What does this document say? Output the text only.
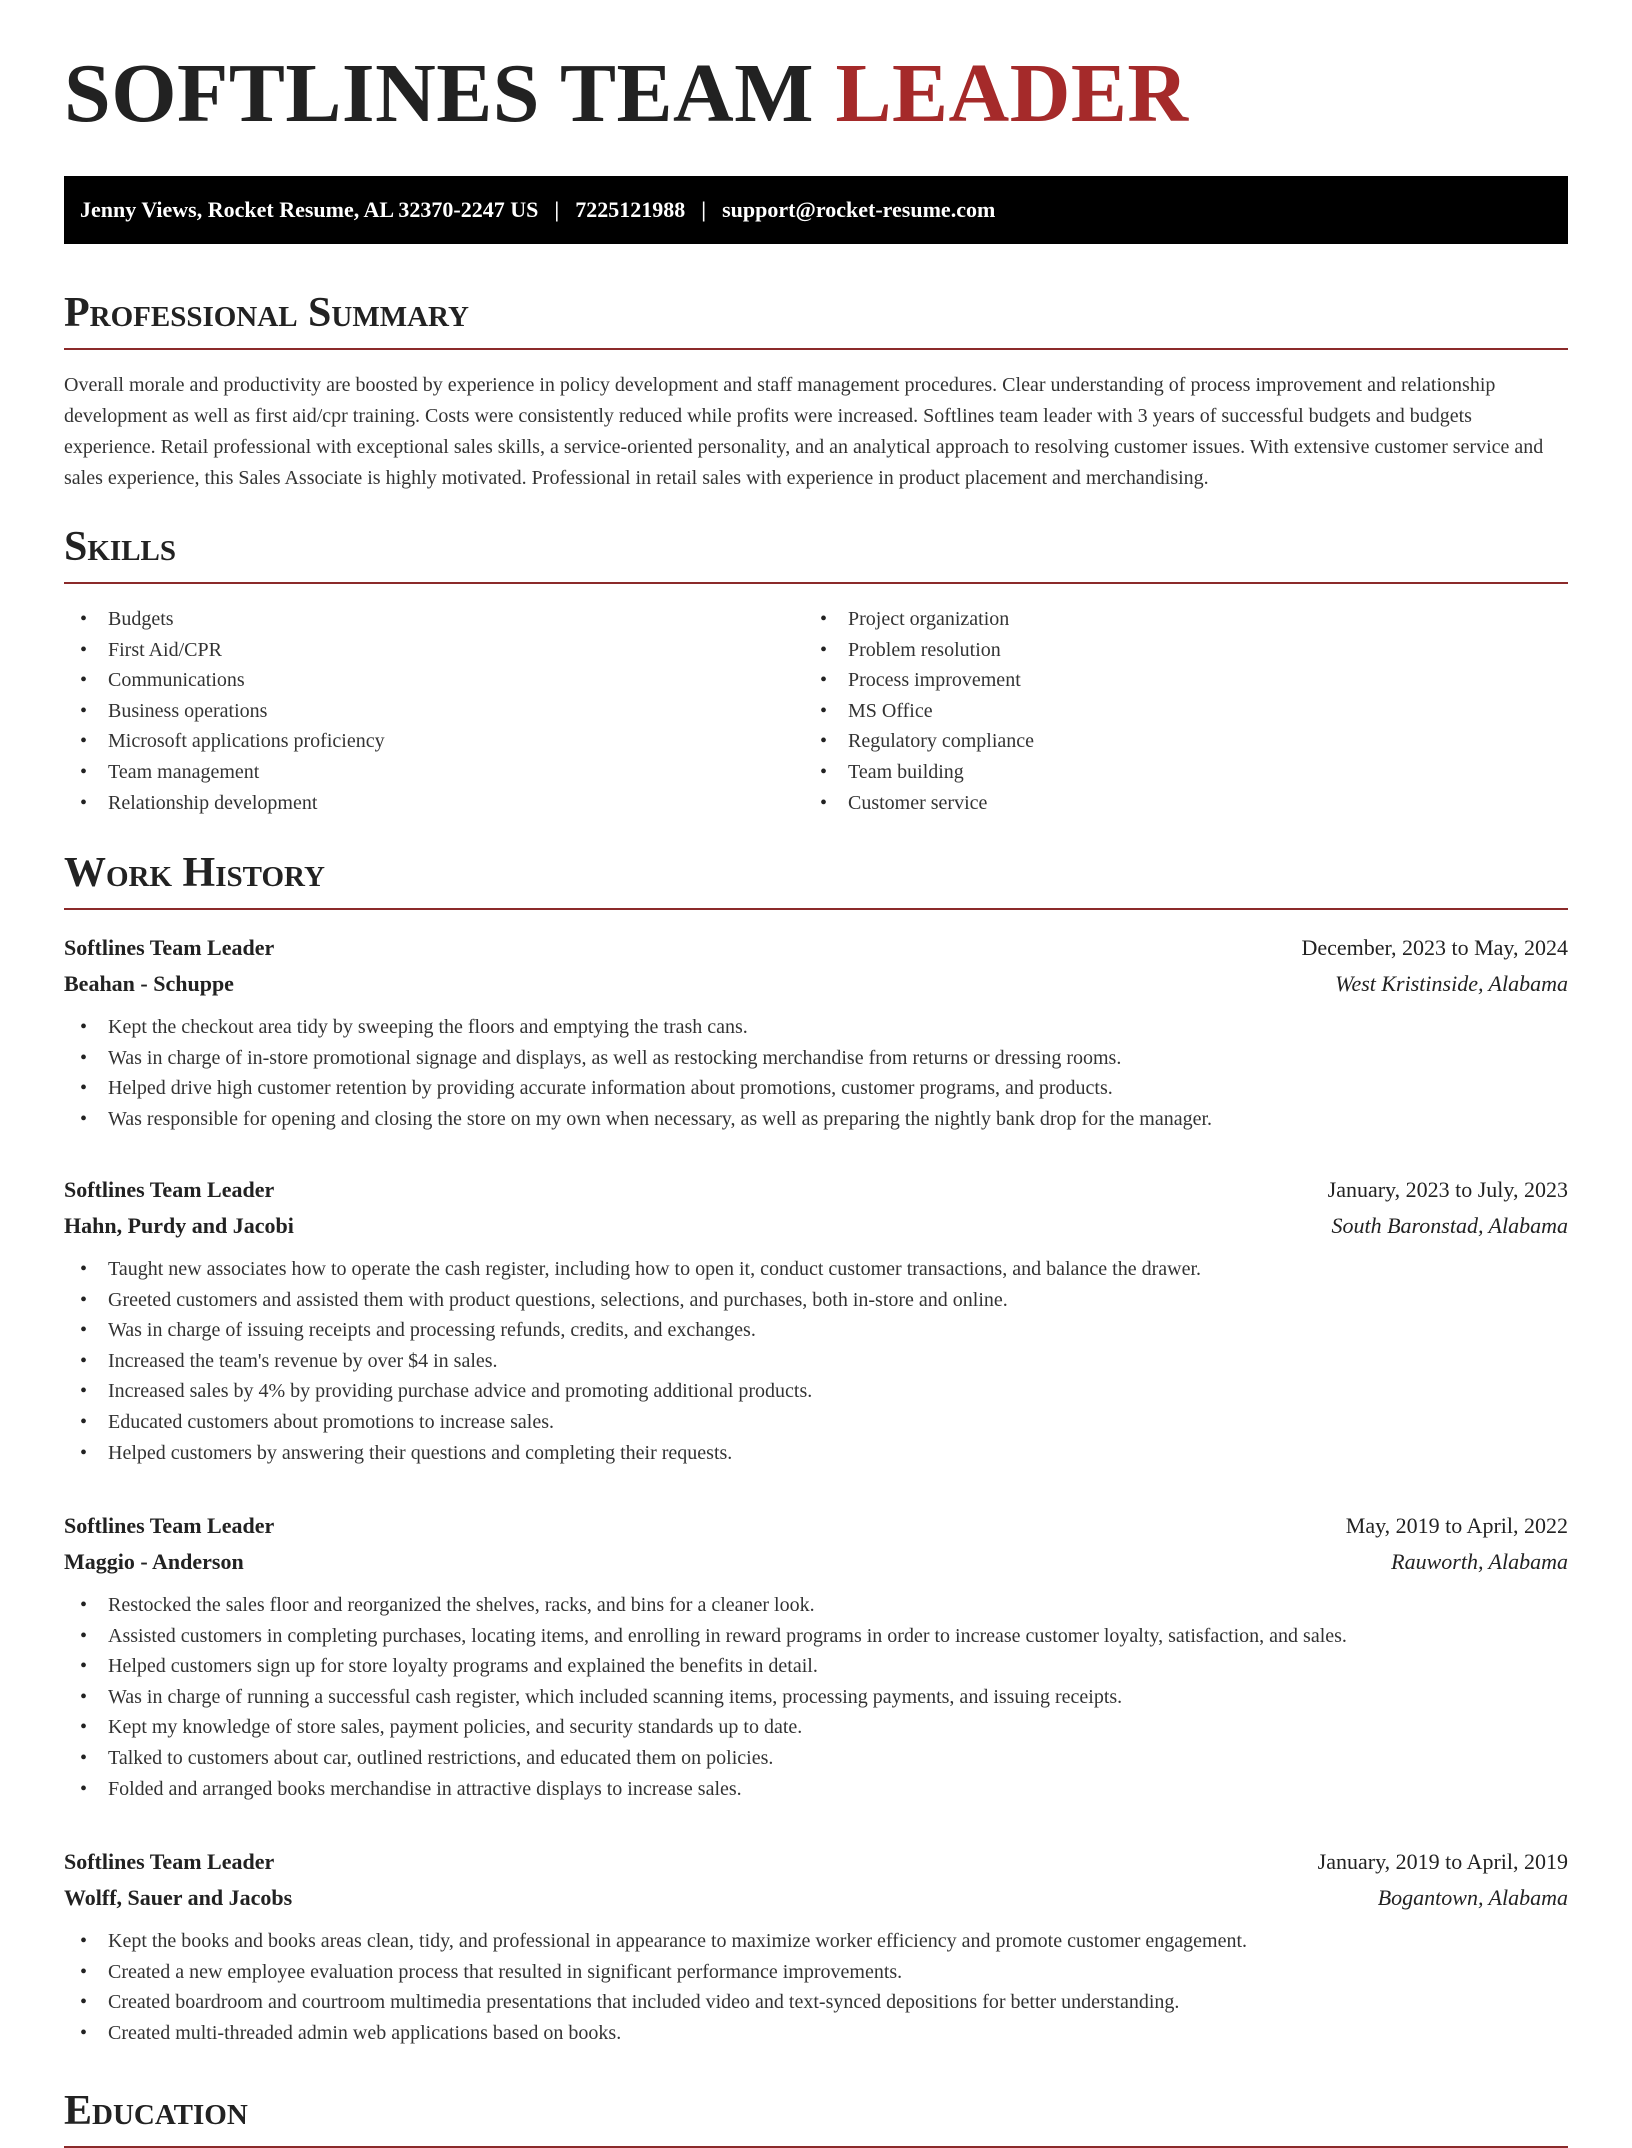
SOFTLINES TEAM LEADER
Jenny Views, Rocket Resume, AL 32370-2247 US | 7225121988 | support@rocket-resume.com
Professional Summary

Overall morale and productivity are boosted by experience in policy development and staff management procedures. Clear understanding of process improvement and relationship development as well as first aid/cpr training. Costs were consistently reduced while profits were increased. Softlines team leader with 3 years of successful budgets and budgets experience. Retail professional with exceptional sales skills, a service-oriented personality, and an analytical approach to resolving customer issues. With extensive customer service and sales experience, this Sales Associate is highly motivated. Professional in retail sales with experience in product placement and merchandising.

Skills
• Budgets
• First Aid/CPR
• Communications
• Business operations
• Microsoft applications proficiency
• Team management
• Relationship development
• Project organization
• Problem resolution
• Process improvement
• MS Office
• Regulatory compliance
• Team building
• Customer service
Work History
Softlines Team Leader	December, 2023 to May, 2024
Beahan - Schuppe	West Kristinside, Alabama
• Kept the checkout area tidy by sweeping the floors and emptying the trash cans.
• Was in charge of in-store promotional signage and displays, as well as restocking merchandise from returns or dressing rooms.
• Helped drive high customer retention by providing accurate information about promotions, customer programs, and products.
• Was responsible for opening and closing the store on my own when necessary, as well as preparing the nightly bank drop for the manager.
Softlines Team Leader	January, 2023 to July, 2023
Hahn, Purdy and Jacobi	South Baronstad, Alabama
• Taught new associates how to operate the cash register, including how to open it, conduct customer transactions, and balance the drawer.
• Greeted customers and assisted them with product questions, selections, and purchases, both in-store and online.
• Was in charge of issuing receipts and processing refunds, credits, and exchanges.
• Increased the team's revenue by over $4 in sales.
• Increased sales by 4% by providing purchase advice and promoting additional products.
• Educated customers about promotions to increase sales.
• Helped customers by answering their questions and completing their requests.
Softlines Team Leader	May, 2019 to April, 2022
Maggio - Anderson	Rauworth, Alabama
• Restocked the sales floor and reorganized the shelves, racks, and bins for a cleaner look.
• Assisted customers in completing purchases, locating items, and enrolling in reward programs in order to increase customer loyalty, satisfaction, and sales.
• Helped customers sign up for store loyalty programs and explained the benefits in detail.
• Was in charge of running a successful cash register, which included scanning items, processing payments, and issuing receipts.
• Kept my knowledge of store sales, payment policies, and security standards up to date.
• Talked to customers about car, outlined restrictions, and educated them on policies.
• Folded and arranged books merchandise in attractive displays to increase sales.
Softlines Team Leader	January, 2019 to April, 2019
Wolff, Sauer and Jacobs	Bogantown, Alabama
• Kept the books and books areas clean, tidy, and professional in appearance to maximize worker efficiency and promote customer engagement.
• Created a new employee evaluation process that resulted in significant performance improvements.
• Created boardroom and courtroom multimedia presentations that included video and text-synced depositions for better understanding.
• Created multi-threaded admin web applications based on books.
Education
